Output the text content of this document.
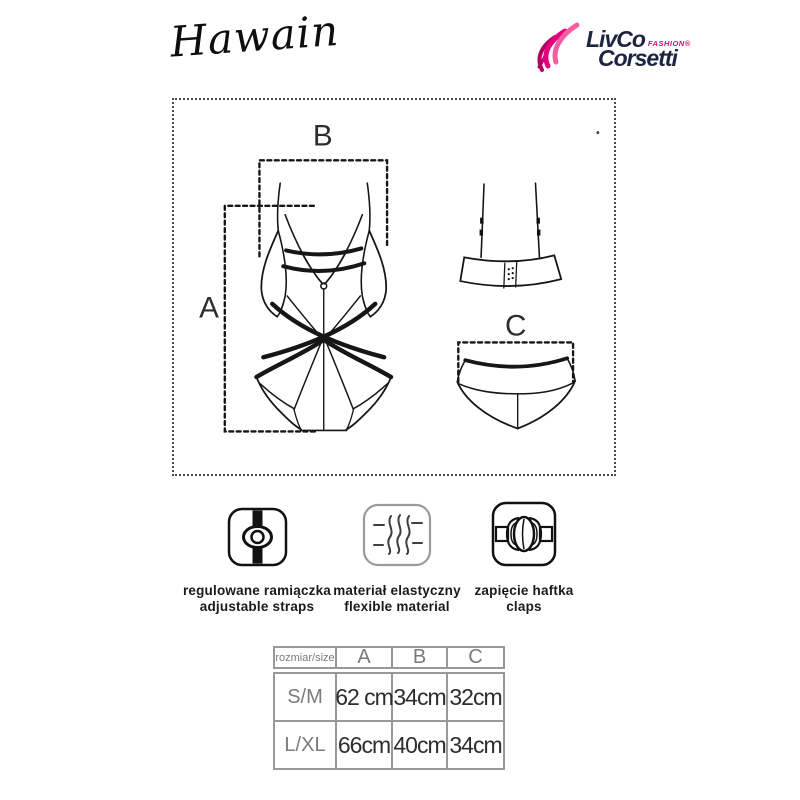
Hawain	LivCo FASHION®
Corsetti
B
A
C
regulowane ramiączka
adjustable straps
materiał elastyczny
flexible material
zapięcie haftka
claps
rozmiar/size	A	B	C
S/M 62 cm 34cm 32cm
L/XL 66cm 40cm 34cm
